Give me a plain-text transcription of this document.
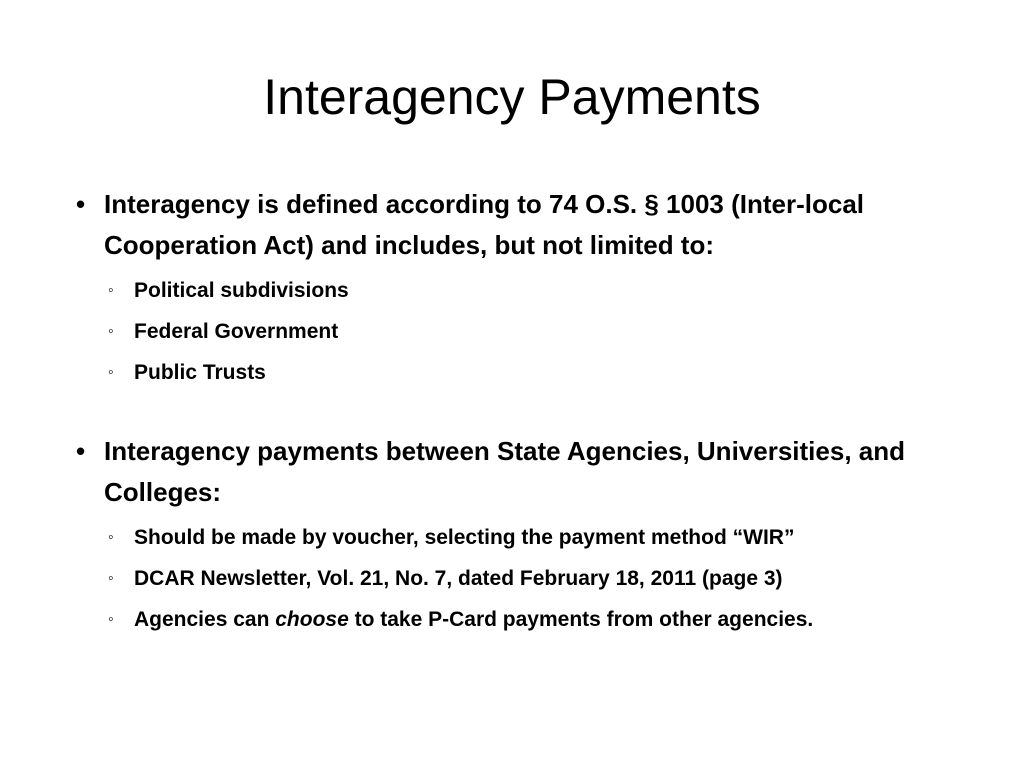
Interagency Payments

• Interagency is defined according to 74 O.S. § 1003 (Inter-local Cooperation Act) and includes, but not limited to:

◦ Political subdivisions
◦ Federal Government
◦ Public Trusts

• Interagency payments between State Agencies, Universities, and Colleges:

◦ Should be made by voucher, selecting the payment method “WIR”
◦ DCAR Newsletter, Vol. 21, No. 7, dated February 18, 2011 (page 3)
◦ Agencies can choose to take P-Card payments from other agencies.
